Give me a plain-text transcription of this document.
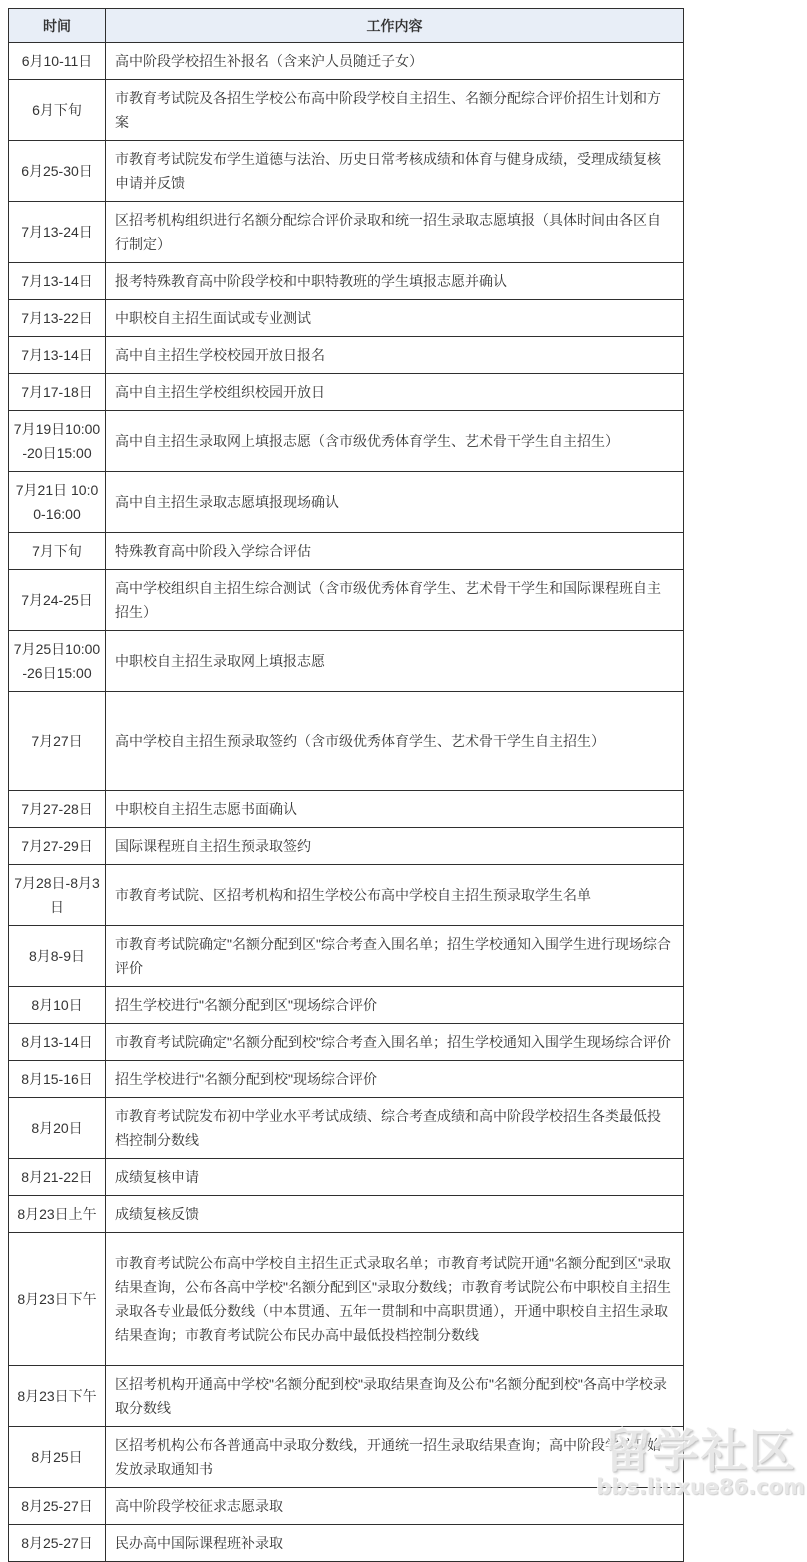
时间	工作内容
6月10-11日	高中阶段学校招生补报名（含来沪人员随迁子女）
6月下旬	市教育考试院及各招生学校公布高中阶段学校自主招生、名额分配综合评价招生计划和方案
6月25-30日	市教育考试院发布学生道德与法治、历史日常考核成绩和体育与健身成绩，受理成绩复核申请并反馈
7月13-24日	区招考机构组织进行名额分配综合评价录取和统一招生录取志愿填报（具体时间由各区自行制定）
7月13-14日	报考特殊教育高中阶段学校和中职特教班的学生填报志愿并确认
7月13-22日	中职校自主招生面试或专业测试
7月13-14日	高中自主招生学校校园开放日报名
7月17-18日	高中自主招生学校组织校园开放日
7月19日10:00-20日15:00	高中自主招生录取网上填报志愿（含市级优秀体育学生、艺术骨干学生自主招生）
7月21日 10:00-16:00	高中自主招生录取志愿填报现场确认
7月下旬	特殊教育高中阶段入学综合评估
7月24-25日	高中学校组织自主招生综合测试（含市级优秀体育学生、艺术骨干学生和国际课程班自主招生）
7月25日10:00-26日15:00	中职校自主招生录取网上填报志愿
7月27日	高中学校自主招生预录取签约（含市级优秀体育学生、艺术骨干学生自主招生）
7月27-28日	中职校自主招生志愿书面确认
7月27-29日	国际课程班自主招生预录取签约
7月28日-8月3日	市教育考试院、区招考机构和招生学校公布高中学校自主招生预录取学生名单
8月8-9日	市教育考试院确定"名额分配到区"综合考查入围名单；招生学校通知入围学生进行现场综合评价
8月10日	招生学校进行"名额分配到区"现场综合评价
8月13-14日	市教育考试院确定"名额分配到校"综合考查入围名单；招生学校通知入围学生现场综合评价
8月15-16日	招生学校进行"名额分配到校"现场综合评价
8月20日	市教育考试院发布初中学业水平考试成绩、综合考查成绩和高中阶段学校招生各类最低投档控制分数线
8月21-22日	成绩复核申请
8月23日上午	成绩复核反馈
8月23日下午	市教育考试院公布高中学校自主招生正式录取名单；市教育考试院开通"名额分配到区"录取结果查询，公布各高中学校"名额分配到区"录取分数线；市教育考试院公布中职校自主招生录取各专业最低分数线（中本贯通、五年一贯制和中高职贯通），开通中职校自主招生录取结果查询；市教育考试院公布民办高中最低投档控制分数线
8月23日下午	区招考机构开通高中学校"名额分配到校"录取结果查询及公布"名额分配到校"各高中学校录取分数线
8月25日	区招考机构公布各普通高中录取分数线，开通统一招生录取结果查询；高中阶段学校开始发放录取通知书
8月25-27日	高中阶段学校征求志愿录取
8月25-27日	民办高中国际课程班补录取
留学社区
bbs.liuxue86.com
